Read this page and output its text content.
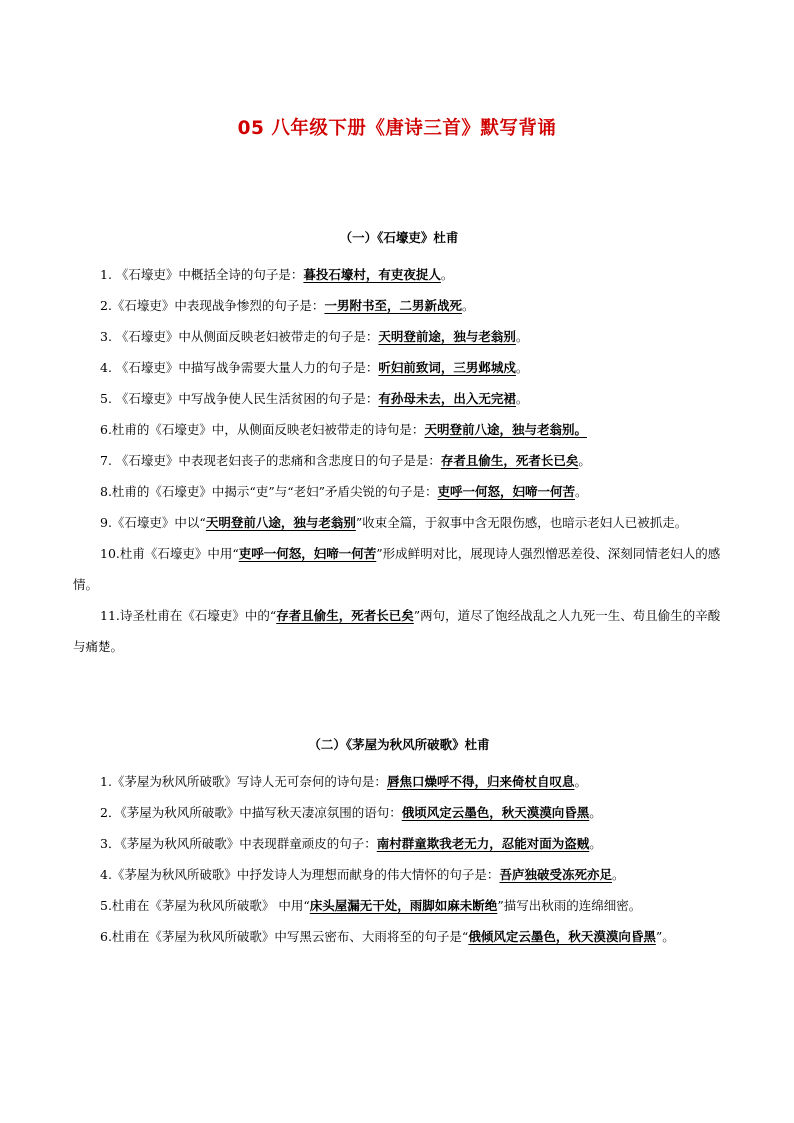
05 八年级下册《唐诗三首》默写背诵
（一）《石壕吏》杜甫

1. 《石壕吏》中概括全诗的句子是：暮投石壕村，有吏夜捉人。

2.《石壕吏》中表现战争惨烈的句子是：一男附书至，二男新战死。

3. 《石壕吏》中从侧面反映老妇被带走的句子是：天明登前途，独与老翁别。

4. 《石壕吏》中描写战争需要大量人力的句子是：听妇前致词，三男邺城戍。

5. 《石壕吏》中写战争使人民生活贫困的句子是：有孙母未去，出入无完裙。

6.杜甫的《石壕吏》中，从侧面反映老妇被带走的诗句是：天明登前八途，独与老翁别。

7. 《石壕吏》中表现老妇丧子的悲痛和含悲度日的句子是是：存者且偷生，死者长已矣。

8.杜甫的《石壕吏》中揭示“吏”与“老妇”矛盾尖锐的句子是：吏呼一何怒，妇啼一何苦。

9.《石壕吏》中以“天明登前八途，独与老翁别”收束全篇，于叙事中含无限伤感，也暗示老妇人已被抓走。

10.杜甫《石壕吏》中用“吏呼一何怒，妇啼一何苦”形成鲜明对比，展现诗人强烈憎恶差役、深刻同情老妇人的感情。

11.诗圣杜甫在《石壕吏》中的“存者且偷生，死者长已矣”两句，道尽了饱经战乱之人九死一生、苟且偷生的辛酸与痛楚。

（二）《茅屋为秋风所破歌》杜甫

1.《茅屋为秋风所破歌》写诗人无可奈何的诗句是：唇焦口燥呼不得，归来倚杖自叹息。

2．《茅屋为秋风所破歌》中描写秋天凄凉氛围的语句：俄顷风定云墨色，秋天漠漠向昏黑。

3．《茅屋为秋风所破歌》中表现群童顽皮的句子：南村群童欺我老无力，忍能对面为盗贼。

4.《茅屋为秋风所破歌》中抒发诗人为理想而献身的伟大情怀的句子是：吾庐独破受冻死亦足。

5.杜甫在《茅屋为秋风所破歌》 中用“床头屋漏无干处，雨脚如麻未断绝”描写出秋雨的连绵细密。

6.杜甫在《茅屋为秋风所破歌》中写黑云密布、大雨将至的句子是“俄倾风定云墨色，秋天漠漠向昏黑”。
